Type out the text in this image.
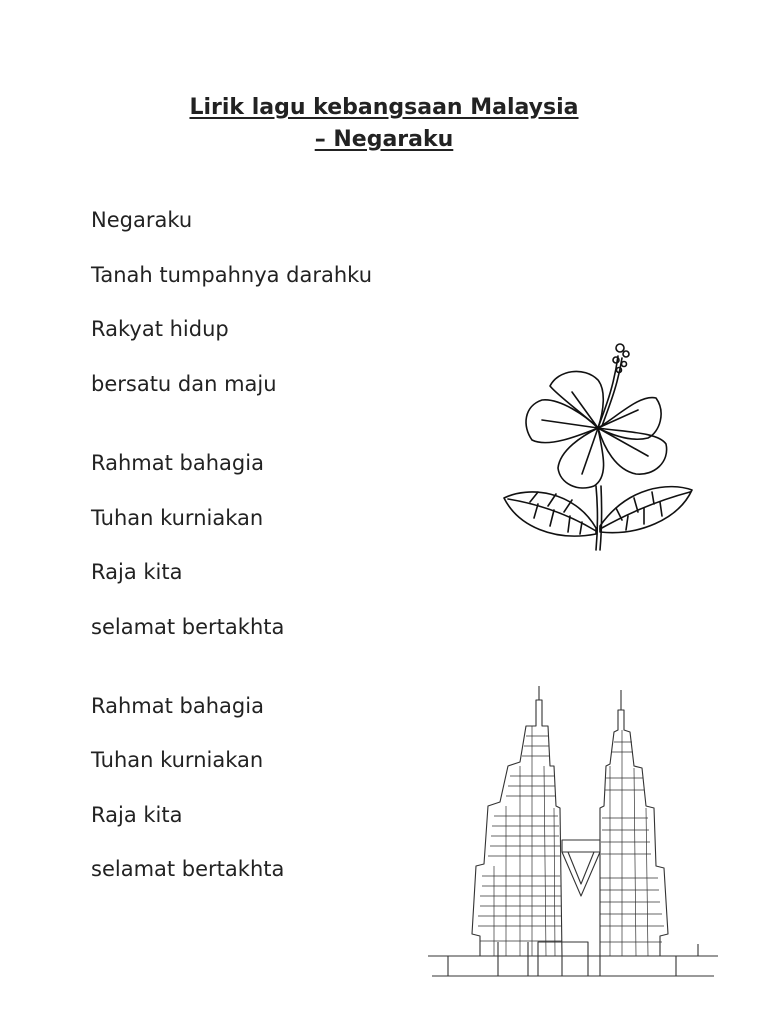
Lirik lagu kebangsaan Malaysia
– Negaraku
Negaraku
Tanah tumpahnya darahku
Rakyat hidup
bersatu dan maju
Rahmat bahagia
Tuhan kurniakan
Raja kita
selamat bertakhta
Rahmat bahagia
Tuhan kurniakan
Raja kita
selamat bertakhta
